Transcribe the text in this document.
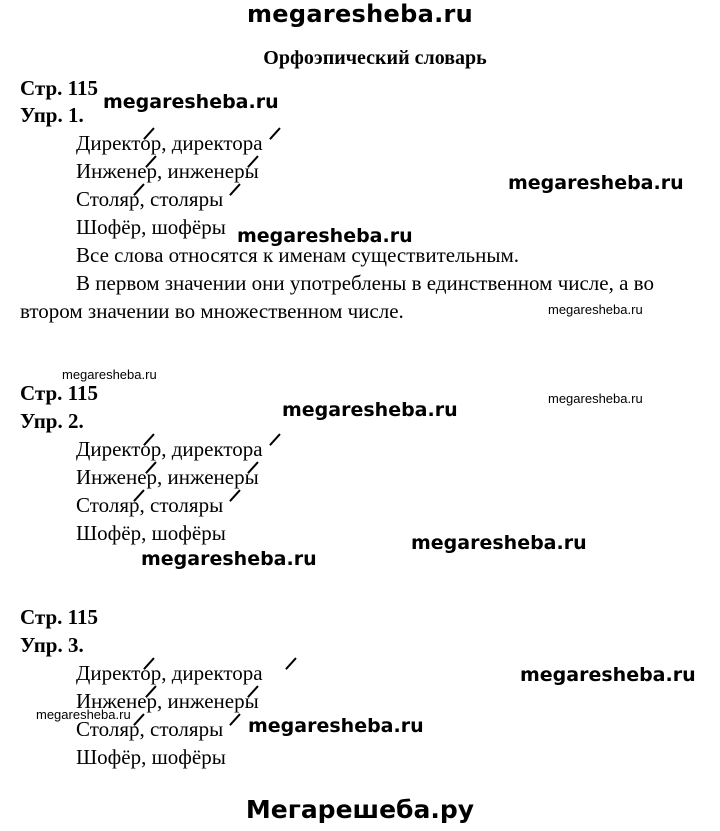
megaresheba.ru
Орфоэпический словарь
Стр. 115
Упр. 1.
Директор, директора
Инженер, инженеры
Столяр, столяры
Шофёр, шофёры
Все слова относятся к именам существительным.
В первом значении они употреблены в единственном числе, а во
втором значении во множественном числе.
Стр. 115
Упр. 2.
Директор, директора
Инженер, инженеры
Столяр, столяры
Шофёр, шофёры
Стр. 115
Упр. 3.
Директор, директора
Инженер, инженеры
Столяр, столяры
Шофёр, шофёры
megaresheba.ru
megaresheba.ru
megaresheba.ru
megaresheba.ru
megaresheba.ru
megaresheba.ru
megaresheba.ru
megaresheba.ru
megaresheba.ru
megaresheba.ru
megaresheba.ru
megaresheba.ru
Мегарешеба.ру
